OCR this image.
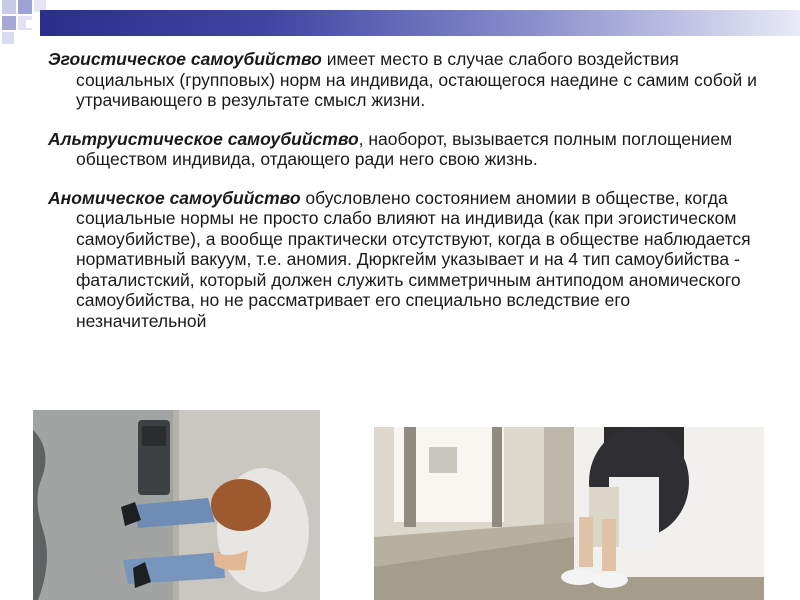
Эгоистическое самоубийство имеет место в случае слабого воздействия социальных (групповых) норм на индивида, остающегося наедине с самим собой и утрачивающего в результате смысл жизни.

Альтруистическое самоубийство, наоборот, вызывается полным поглощением обществом индивида, отдающего ради него свою жизнь.

Аномическое самоубийство обусловлено состоянием аномии в обществе, когда социальные нормы не просто слабо влияют на индивида (как при эгоистическом самоубийстве), а вообще практически отсутствуют, когда в обществе наблюдается нормативный вакуум, т.е. аномия. Дюркгейм указывает и на 4 тип самоубийства - фаталистский, который должен служить симметричным антиподом аномического самоубийства, но не рассматривает его специально вследствие его незначительной
